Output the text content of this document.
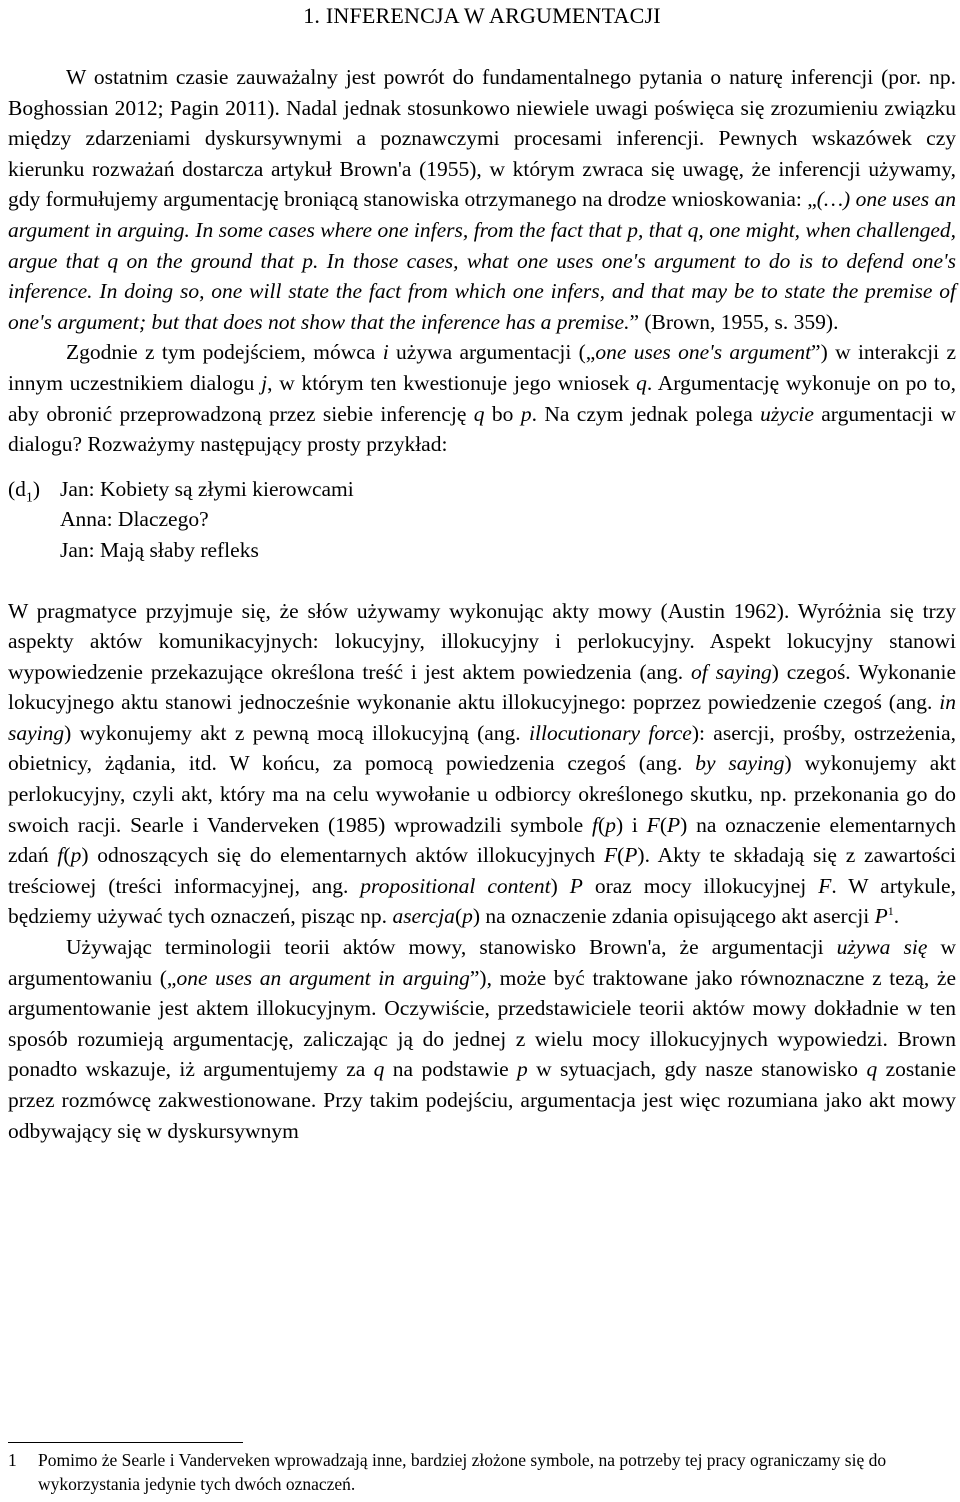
1. INFERENCJA W ARGUMENTACJI

W ostatnim czasie zauważalny jest powrót do fundamentalnego pytania o naturę inferencji (por. np. Boghossian 2012; Pagin 2011). Nadal jednak stosunkowo niewiele uwagi poświęca się zrozumieniu związku między zdarzeniami dyskursywnymi a poznawczymi procesami inferencji. Pewnych wskazówek czy kierunku rozważań dostarcza artykuł Brown'a (1955), w którym zwraca się uwagę, że inferencji używamy, gdy formułujemy argumentację broniącą stanowiska otrzymanego na drodze wnioskowania: „(…) one uses an argument in arguing. In some cases where one infers, from the fact that p, that q, one might, when challenged, argue that q on the ground that p. In those cases, what one uses one's argument to do is to defend one's inference. In doing so, one will state the fact from which one infers, and that may be to state the premise of one's argument; but that does not show that the inference has a premise.” (Brown, 1955, s. 359).

Zgodnie z tym podejściem, mówca i używa argumentacji („one uses one's argument”) w interakcji z innym uczestnikiem dialogu j, w którym ten kwestionuje jego wniosek q. Argumentację wykonuje on po to, aby obronić przeprowadzoną przez siebie inferencję q bo p. Na czym jednak polega użycie argumentacji w dialogu? Rozważymy następujący prosty przykład:

$(d_1)$ Jan: Kobiety są złymi kierowcami
Anna: Dlaczego?
Jan: Mają słaby refleks

W pragmatyce przyjmuje się, że słów używamy wykonując akty mowy (Austin 1962). Wyróżnia się trzy aspekty aktów komunikacyjnych: lokucyjny, illokucyjny i perlokucyjny. Aspekt lokucyjny stanowi wypowiedzenie przekazujące określona treść i jest aktem powiedzenia (ang. of saying) czegoś. Wykonanie lokucyjnego aktu stanowi jednocześnie wykonanie aktu illokucyjnego: poprzez powiedzenie czegoś (ang. in saying) wykonujemy akt z pewną mocą illokucyjną (ang. illocutionary force): asercji, prośby, ostrzeżenia, obietnicy, żądania, itd. W końcu, za pomocą powiedzenia czegoś (ang. by saying) wykonujemy akt perlokucyjny, czyli akt, który ma na celu wywołanie u odbiorcy określonego skutku, np. przekonania go do swoich racji. Searle i Vanderveken (1985) wprowadzili symbole f(p) i F(P) na oznaczenie elementarnych zdań f(p) odnoszących się do elementarnych aktów illokucyjnych F(P). Akty te składają się z zawartości treściowej (treści informacyjnej, ang. propositional content) P oraz mocy illokucyjnej F. W artykule, będziemy używać tych oznaczeń, pisząc np. asercja(p) na oznaczenie zdania opisującego akt asercji $P^1$.

Używając terminologii teorii aktów mowy, stanowisko Brown'a, że argumentacji używa się w argumentowaniu („one uses an argument in arguing”), może być traktowane jako równoznaczne z tezą, że argumentowanie jest aktem illokucyjnym. Oczywiście, przedstawiciele teorii aktów mowy dokładnie w ten sposób rozumieją argumentację, zaliczając ją do jednej z wielu mocy illokucyjnych wypowiedzi. Brown ponadto wskazuje, iż argumentujemy za q na podstawie p w sytuacjach, gdy nasze stanowisko q zostanie przez rozmówcę zakwestionowane. Przy takim podejściu, argumentacja jest więc rozumiana jako akt mowy odbywający się w dyskursywnym

1 Pomimo że Searle i Vanderveken wprowadzają inne, bardziej złożone symbole, na potrzeby tej pracy ograniczamy się do wykorzystania jedynie tych dwóch oznaczeń.
